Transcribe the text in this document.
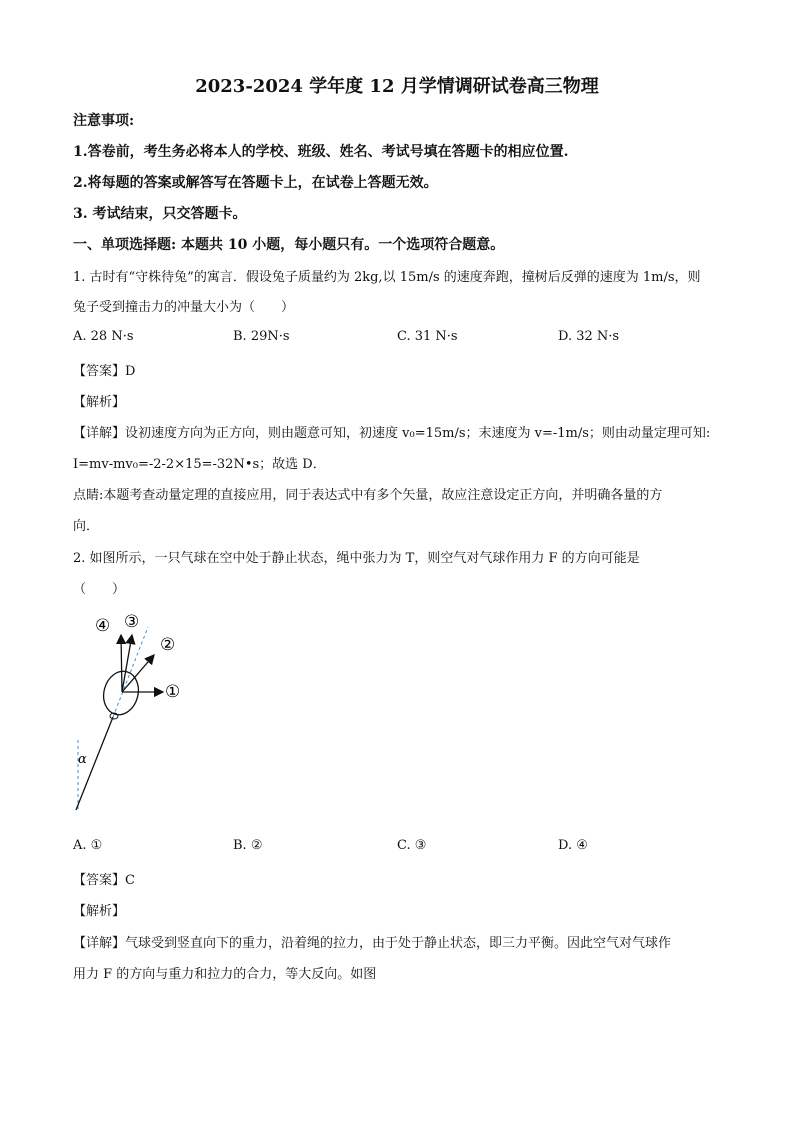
2023-2024 学年度 12 月学情调研试卷高三物理
注意事项:
1.答卷前，考生务必将本人的学校、班级、姓名、考试号填在答题卡的相应位置.
2.将每题的答案或解答写在答题卡上，在试卷上答题无效。
3. 考试结束，只交答题卡。
一、单项选择题: 本题共 10 小题，每小题只有。一个选项符合题意。
1. 古时有“守株待兔”的寓言．假设兔子质量约为 2kg,以 15m/s 的速度奔跑，撞树后反弹的速度为 1m/s，则
兔子受到撞击力的冲量大小为（　　）
A. 28 N·s	B. 29N·s	C. 31 N·s	D. 32 N·s
【答案】D
【解析】
【详解】设初速度方向为正方向，则由题意可知，初速度 v₀=15m/s；末速度为 v=-1m/s；则由动量定理可知:
I=mv-mv₀=-2-2×15=-32N•s；故选 D．
点睛:本题考查动量定理的直接应用，同于表达式中有多个矢量，故应注意设定正方向，并明确各量的方
向．
2. 如图所示，一只气球在空中处于静止状态，绳中张力为 T，则空气对气球作用力 F 的方向可能是
（　　）
①
②
③
④
α
A. ①	B. ②	C. ③	D. ④
【答案】C
【解析】
【详解】气球受到竖直向下的重力，沿着绳的拉力，由于处于静止状态，即三力平衡。因此空气对气球作
用力 F 的方向与重力和拉力的合力，等大反向。如图
